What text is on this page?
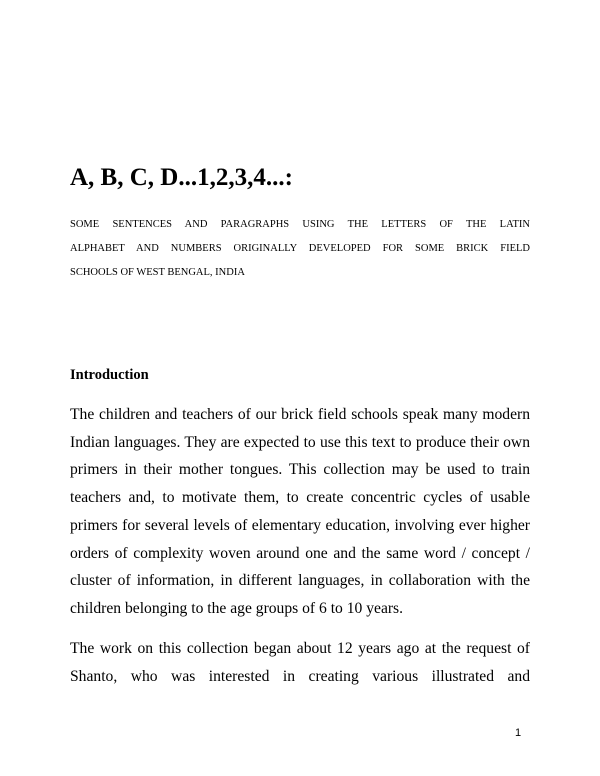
A, B, C, D...1,2,3,4...:
SOME SENTENCES AND PARAGRAPHS USING THE LETTERS OF THE LATIN
ALPHABET AND NUMBERS ORIGINALLY DEVELOPED FOR SOME BRICK FIELD
SCHOOLS OF WEST BENGAL, INDIA
Introduction
The children and teachers of our brick field schools speak many modern
Indian languages. They are expected to use this text to produce their own
primers in their mother tongues. This collection may be used to train
teachers and, to motivate them, to create concentric cycles of usable
primers for several levels of elementary education, involving ever higher
orders of complexity woven around one and the same word / concept /
cluster of information, in different languages, in collaboration with the
children belonging to the age groups of 6 to 10 years.
The work on this collection began about 12 years ago at the request of
Shanto, who was interested in creating various illustrated and
1
